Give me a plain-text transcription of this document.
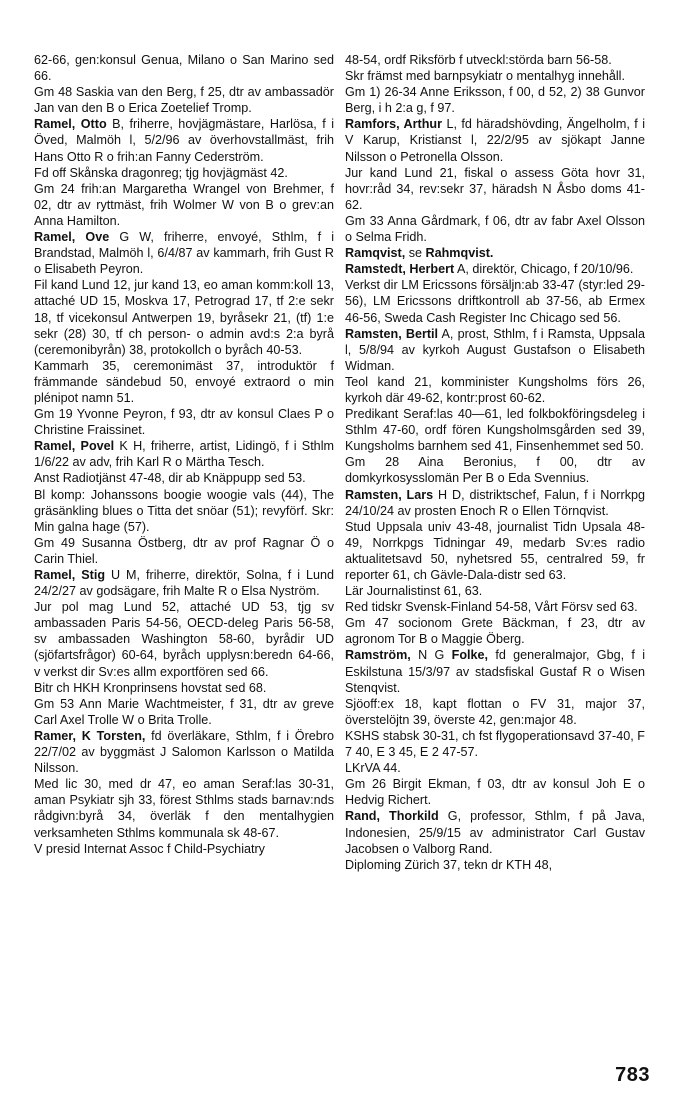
62-66, gen:konsul Genua, Milano o San Marino sed 66.

Gm 48 Saskia van den Berg, f 25, dtr av ambassadör Jan van den B o Erica Zoetelief Tromp.

Ramel, Otto B, friherre, hovjägmästare, Harlösa, f i Öved, Malmöh l, 5/2/96 av överhovstallmäst, frih Hans Otto R o frih:an Fanny Cederström.

Fd off Skånska dragonreg; tjg hovjägmäst 42.

Gm 24 frih:an Margaretha Wrangel von Brehmer, f 02, dtr av ryttmäst, frih Wolmer W von B o grev:an Anna Hamilton.

Ramel, Ove G W, friherre, envoyé, Sthlm, f i Brandstad, Malmöh l, 6/4/87 av kammarh, frih Gust R o Elisabeth Peyron.

Fil kand Lund 12, jur kand 13, eo aman komm:koll 13, attaché UD 15, Moskva 17, Petrograd 17, tf 2:e sekr 18, tf vicekonsul Antwerpen 19, byråsekr 21, (tf) 1:e sekr (28) 30, tf ch person- o admin avd:s 2:a byrå (ceremonibyrån) 38, protokollch o byråch 40-53.

Kammarh 35, ceremonimäst 37, introduktör f främmande sändebud 50, envoyé extraord o min plénipot namn 51.

Gm 19 Yvonne Peyron, f 93, dtr av konsul Claes P o Christine Fraissinet.

Ramel, Povel K H, friherre, artist, Lidingö, f i Sthlm 1/6/22 av adv, frih Karl R o Märtha Tesch.

Anst Radiotjänst 47-48, dir ab Knäppupp sed 53.

Bl komp: Johanssons boogie woogie vals (44), The gräsänkling blues o Titta det snöar (51); revyförf. Skr: Min galna hage (57).

Gm 49 Susanna Östberg, dtr av prof Ragnar Ö o Carin Thiel.

Ramel, Stig U M, friherre, direktör, Solna, f i Lund 24/2/27 av godsägare, frih Malte R o Elsa Nyström.

Jur pol mag Lund 52, attaché UD 53, tjg sv ambassaden Paris 54-56, OECD-deleg Paris 56-58, sv ambassaden Washington 58-60, byrådir UD (sjöfartsfrågor) 60-64, byråch upplysn:beredn 64-66, v verkst dir Sv:es allm exportfören sed 66.

Bitr ch HKH Kronprinsens hovstat sed 68.

Gm 53 Ann Marie Wachtmeister, f 31, dtr av greve Carl Axel Trolle W o Brita Trolle.

Ramer, K Torsten, fd överläkare, Sthlm, f i Örebro 22/7/02 av byggmäst J Salomon Karlsson o Matilda Nilsson.

Med lic 30, med dr 47, eo aman Seraf:las 30-31, aman Psykiatr sjh 33, förest Sthlms stads barnav:nds rådgivn:byrå 34, överläk f den mentalhygien verksamheten Sthlms kommunala sk 48-67.

V presid Internat Assoc f Child-Psychiatry

48-54, ordf Riksförb f utveckl:störda barn 56-58.

Skr främst med barnpsykiatr o mentalhyg innehåll.

Gm 1) 26-34 Anne Eriksson, f 00, d 52, 2) 38 Gunvor Berg, i h 2:a g, f 97.

Ramfors, Arthur L, fd häradshövding, Ängelholm, f i V Karup, Kristianst l, 22/2/95 av sjökapt Janne Nilsson o Petronella Olsson.

Jur kand Lund 21, fiskal o assess Göta hovr 31, hovr:råd 34, rev:sekr 37, häradsh N Åsbo doms 41-62.

Gm 33 Anna Gårdmark, f 06, dtr av fabr Axel Olsson o Selma Fridh.

Ramqvist, se Rahmqvist.

Ramstedt, Herbert A, direktör, Chicago, f 20/10/96.

Verkst dir LM Ericssons försäljn:ab 33-47 (styr:led 29-56), LM Ericssons driftkontroll ab 37-56, ab Ermex 46-56, Sweda Cash Register Inc Chicago sed 56.

Ramsten, Bertil A, prost, Sthlm, f i Ramsta, Uppsala l, 5/8/94 av kyrkoh August Gustafson o Elisabeth Widman.

Teol kand 21, komminister Kungsholms förs 26, kyrkoh där 49-62, kontr:prost 60-62.

Predikant Seraf:las 40—61, led folkbokföringsdeleg i Sthlm 47-60, ordf fören Kungsholmsgården sed 39, Kungsholms barnhem sed 41, Finsenhemmet sed 50.

Gm 28 Aina Beronius, f 00, dtr av domkyrkosysslomän Per B o Eda Svennius.

Ramsten, Lars H D, distriktschef, Falun, f i Norrkpg 24/10/24 av prosten Enoch R o Ellen Törnqvist.

Stud Uppsala univ 43-48, journalist Tidn Upsala 48-49, Norrkpgs Tidningar 49, medarb Sv:es radio aktualitetsavd 50, nyhetsred 55, centralred 59, fr reporter 61, ch Gävle-Dala-distr sed 63.

Lär Journalistinst 61, 63.

Red tidskr Svensk-Finland 54-58, Vårt Försv sed 63.

Gm 47 socionom Grete Bäckman, f 23, dtr av agronom Tor B o Maggie Öberg.

Ramström, N G Folke, fd generalmajor, Gbg, f i Eskilstuna 15/3/97 av stadsfiskal Gustaf R o Wisen Stenqvist.

Sjöoff:ex 18, kapt flottan o FV 31, major 37, överstelöjtn 39, överste 42, gen:major 48.

KSHS stabsk 30-31, ch fst flygoperationsavd 37-40, F 7 40, E 3 45, E 2 47-57.

LKrVA 44.

Gm 26 Birgit Ekman, f 03, dtr av konsul Joh E o Hedvig Richert.

Rand, Thorkild G, professor, Sthlm, f på Java, Indonesien, 25/9/15 av administrator Carl Gustav Jacobsen o Valborg Rand.

Diploming Zürich 37, tekn dr KTH 48,

783
